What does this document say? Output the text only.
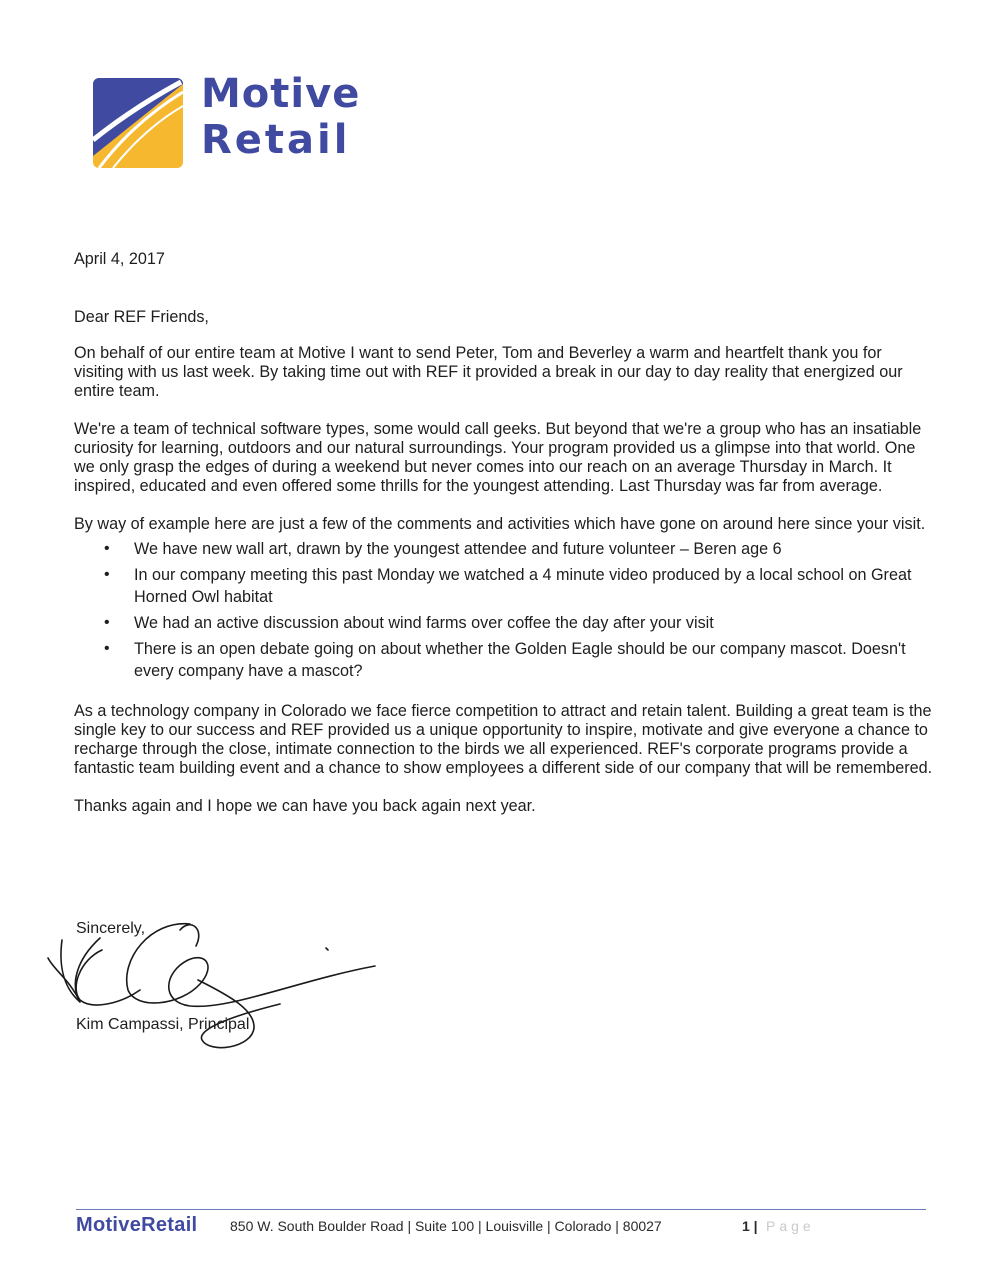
Motive
Retail

April 4, 2017

Dear REF Friends,

On behalf of our entire team at Motive I want to send Peter, Tom and Beverley a warm and heartfelt thank you for visiting with us last week. By taking time out with REF it provided a break in our day to day reality that energized our entire team.

We're a team of technical software types, some would call geeks. But beyond that we're a group who has an insatiable curiosity for learning, outdoors and our natural surroundings. Your program provided us a glimpse into that world. One we only grasp the edges of during a weekend but never comes into our reach on an average Thursday in March. It inspired, educated and even offered some thrills for the youngest attending. Last Thursday was far from average.

By way of example here are just a few of the comments and activities which have gone on around here since your visit.

• We have new wall art, drawn by the youngest attendee and future volunteer – Beren age 6
• In our company meeting this past Monday we watched a 4 minute video produced by a local school on Great Horned Owl habitat
• We had an active discussion about wind farms over coffee the day after your visit
• There is an open debate going on about whether the Golden Eagle should be our company mascot. Doesn't every company have a mascot?

As a technology company in Colorado we face fierce competition to attract and retain talent. Building a great team is the single key to our success and REF provided us a unique opportunity to inspire, motivate and give everyone a chance to recharge through the close, intimate connection to the birds we all experienced. REF's corporate programs provide a fantastic team building event and a chance to show employees a different side of our company that will be remembered.

Thanks again and I hope we can have you back again next year.

Sincerely,
Kim Campassi, Principal
MotiveRetail 850 W. South Boulder Road | Suite 100 | Louisville | Colorado | 80027	1 | Page
